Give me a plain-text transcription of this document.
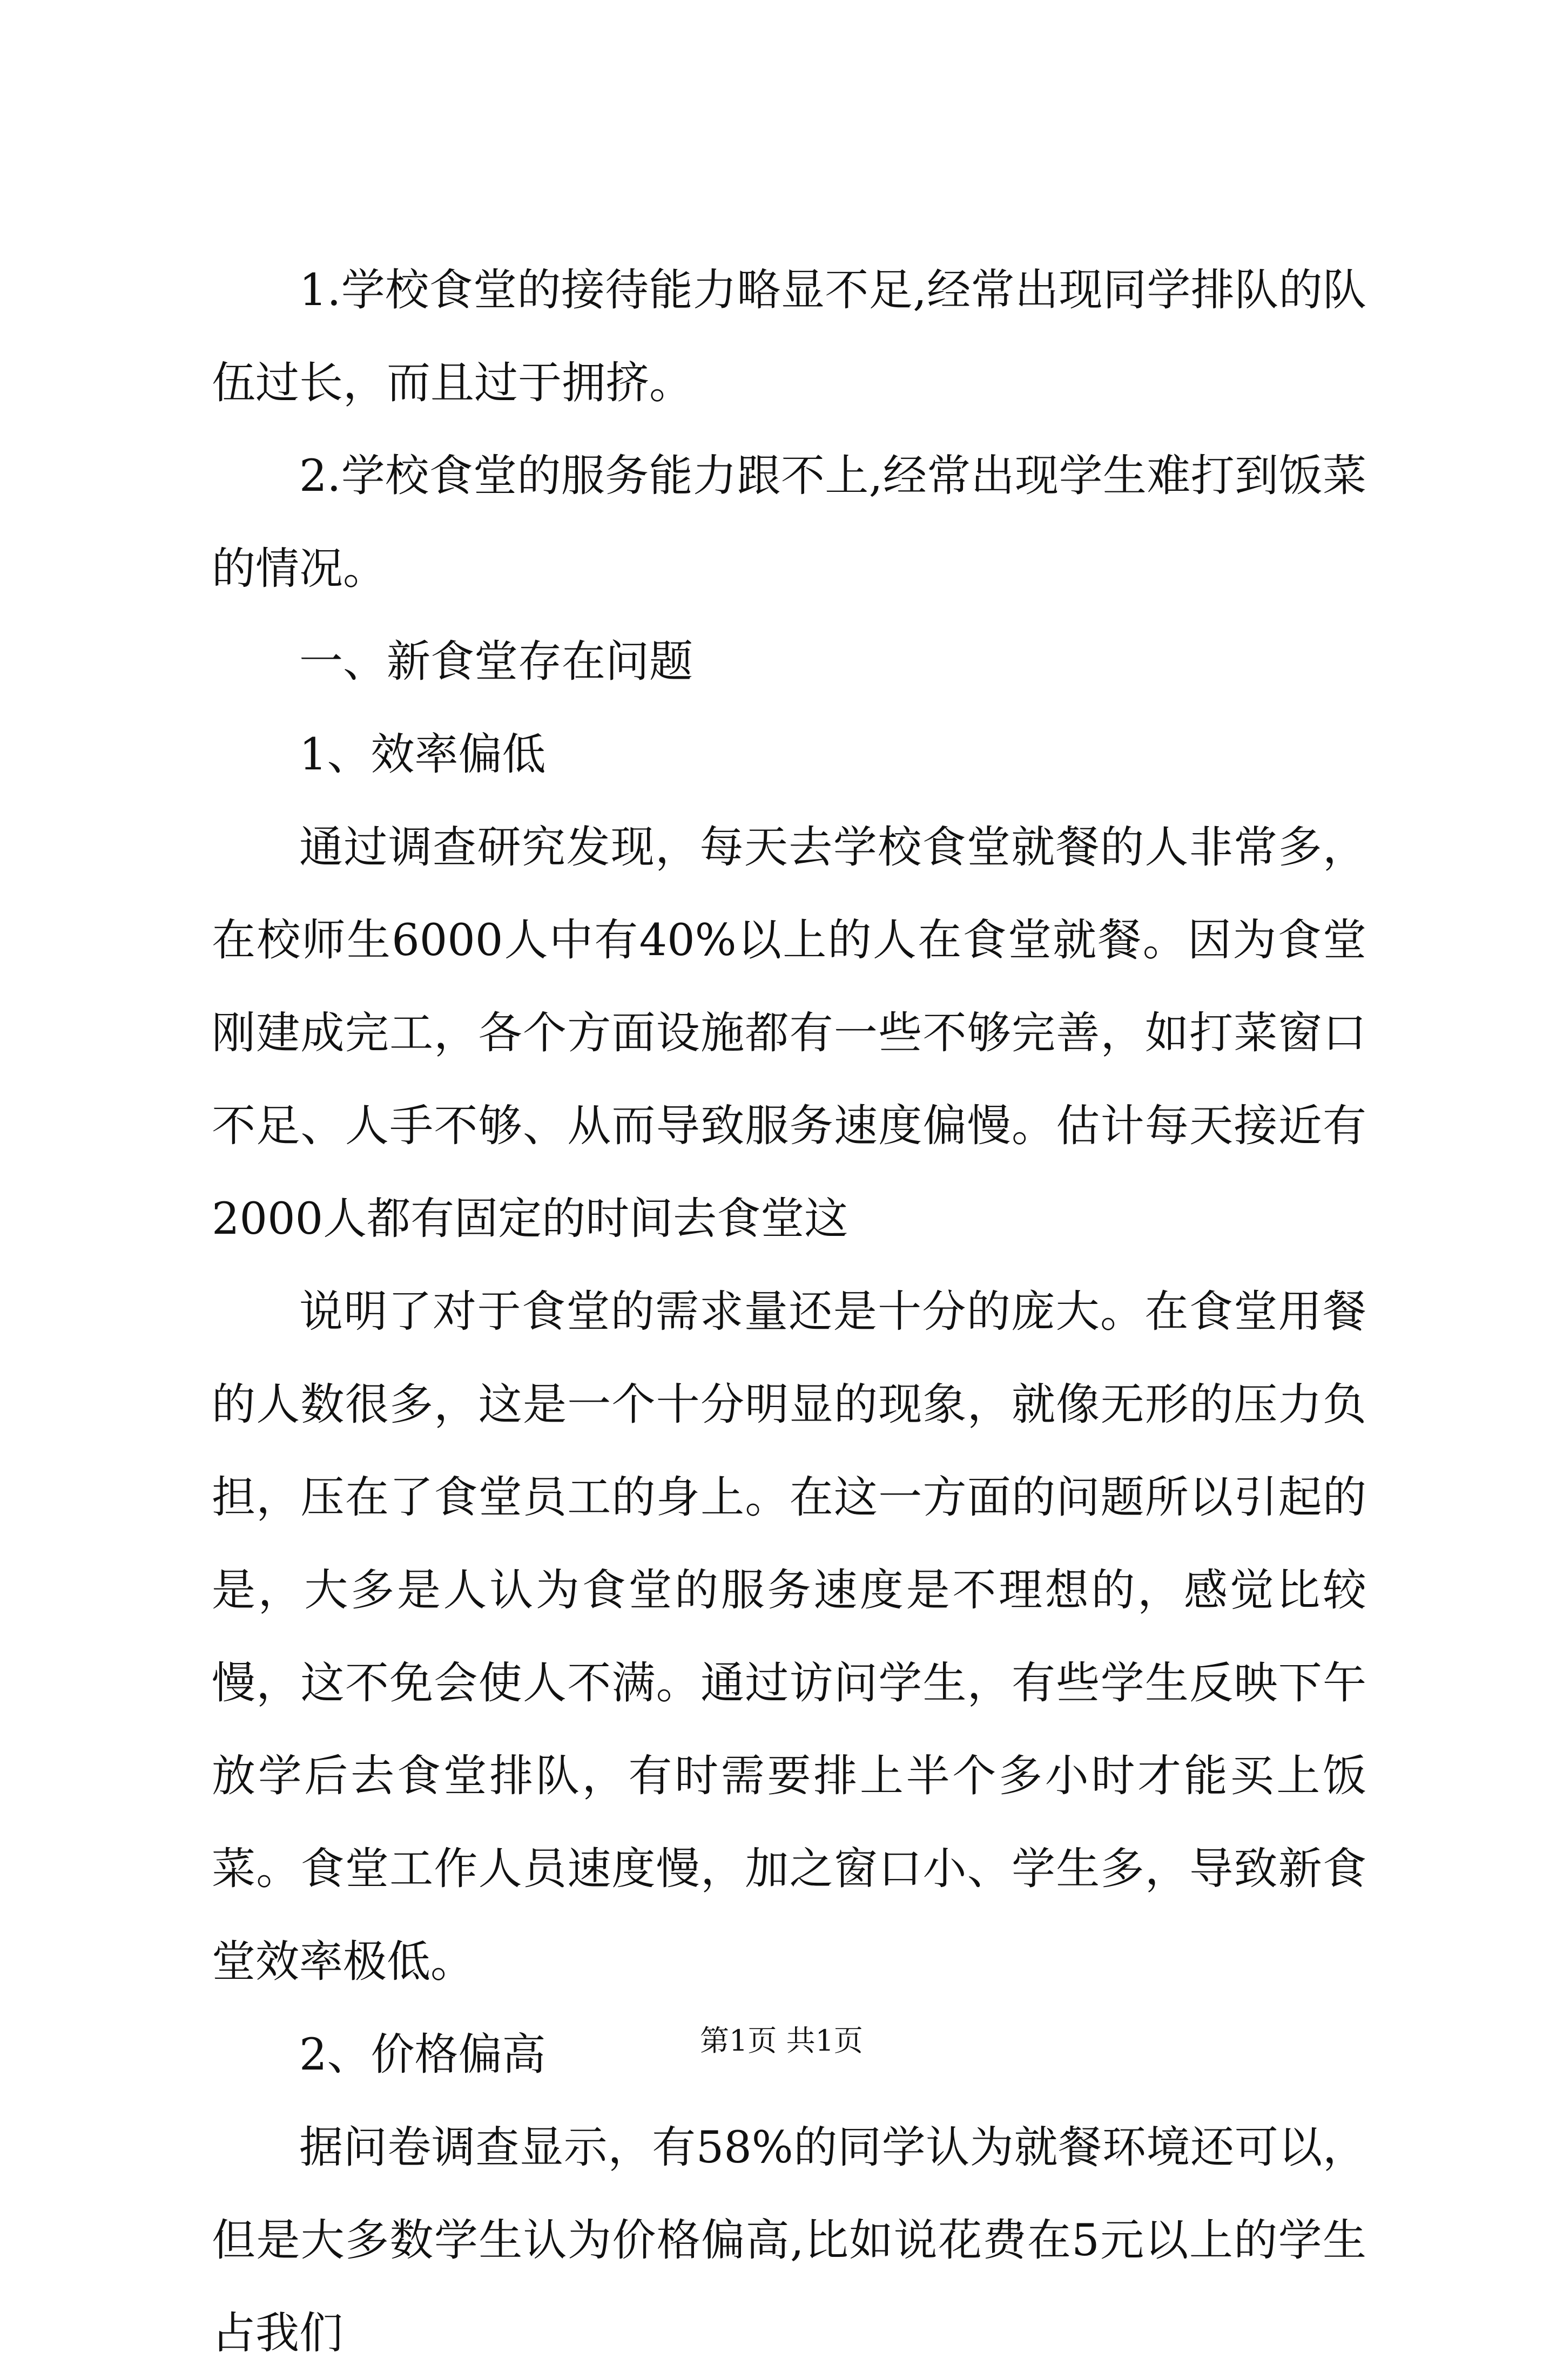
1.学校食堂的接待能力略显不足,经常出现同学排队的队伍过长，而且过于拥挤。

2.学校食堂的服务能力跟不上,经常出现学生难打到饭菜的情况。

一、新食堂存在问题

1、效率偏低

通过调查研究发现，每天去学校食堂就餐的人非常多，在校师生6000人中有40%以上的人在食堂就餐。因为食堂刚建成完工，各个方面设施都有一些不够完善，如打菜窗口不足、人手不够、从而导致服务速度偏慢。估计每天接近有2000人都有固定的时间去食堂这

说明了对于食堂的需求量还是十分的庞大。在食堂用餐的人数很多，这是一个十分明显的现象，就像无形的压力负担，压在了食堂员工的身上。在这一方面的问题所以引起的是，大多是人认为食堂的服务速度是不理想的，感觉比较慢，这不免会使人不满。通过访问学生，有些学生反映下午放学后去食堂排队，有时需要排上半个多小时才能买上饭菜。食堂工作人员速度慢，加之窗口小、学生多，导致新食堂效率极低。

2、价格偏高

据问卷调查显示，有58%的同学认为就餐环境还可以，但是大多数学生认为价格偏高,比如说花费在5元以上的学生占我们

第1页 共1页
